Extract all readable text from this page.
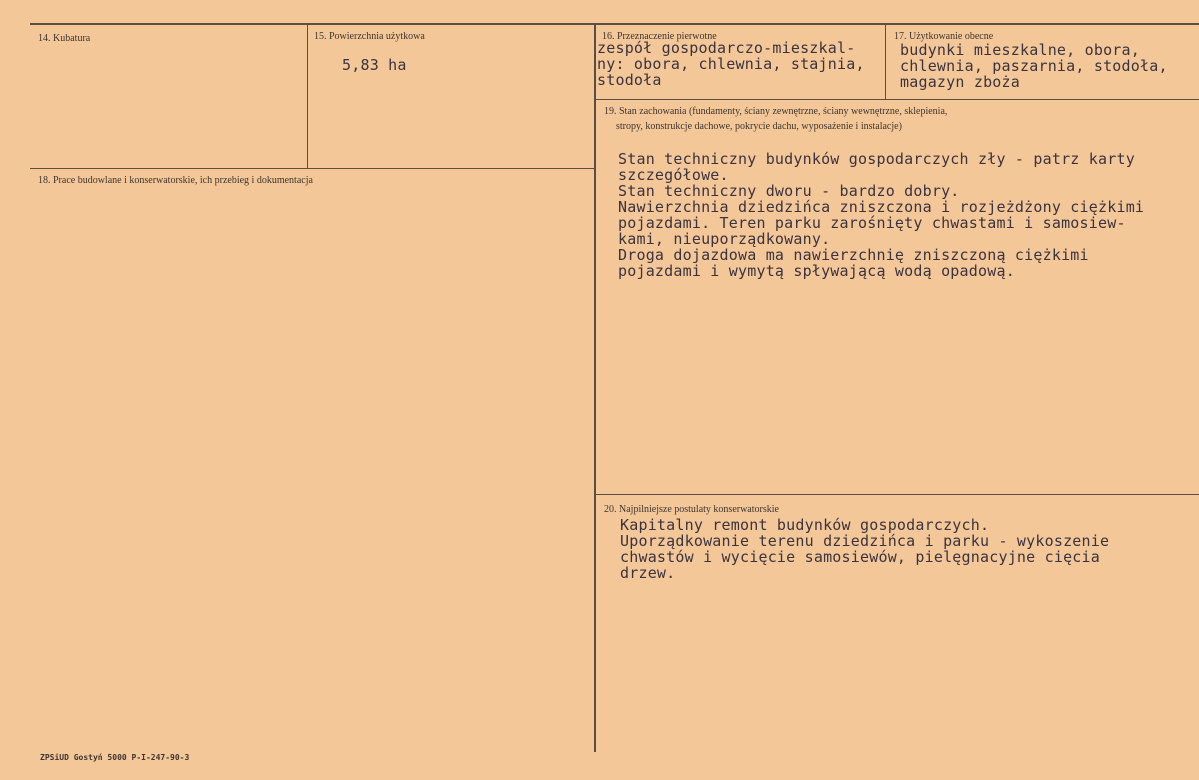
14. Kubatura	15. Powierzchnia użytkowa
5,83 ha
16. Przeznaczenie pierwotne
zespół gospodarczo-mieszkal-
ny: obora, chlewnia, stajnia,
stodoła
17. Użytkowanie obecne
budynki mieszkalne, obora,
chlewnia, paszarnia, stodoła,
magazyn zboża
18. Prace budowlane i konserwatorskie, ich przebieg i dokumentacja
19. Stan zachowania (fundamenty, ściany zewnętrzne, ściany wewnętrzne, sklepienia,
stropy, konstrukcje dachowe, pokrycie dachu, wyposażenie i instalacje)
Stan techniczny budynków gospodarczych zły - patrz karty
szczegółowe.
Stan techniczny dworu - bardzo dobry.
Nawierzchnia dziedzińca zniszczona i rozjeżdżony ciężkimi
pojazdami. Teren parku zarośnięty chwastami i samosiew-
kami, nieuporządkowany.
Droga dojazdowa ma nawierzchnię zniszczoną ciężkimi
pojazdami i wymytą spływającą wodą opadową.
20. Najpilniejsze postulaty konserwatorskie
Kapitalny remont budynków gospodarczych.
Uporządkowanie terenu dziedzińca i parku - wykoszenie
chwastów i wycięcie samosiewów, pielęgnacyjne cięcia
drzew.
ZPSiUD Gostyń 5000 P-I-247-90-3
